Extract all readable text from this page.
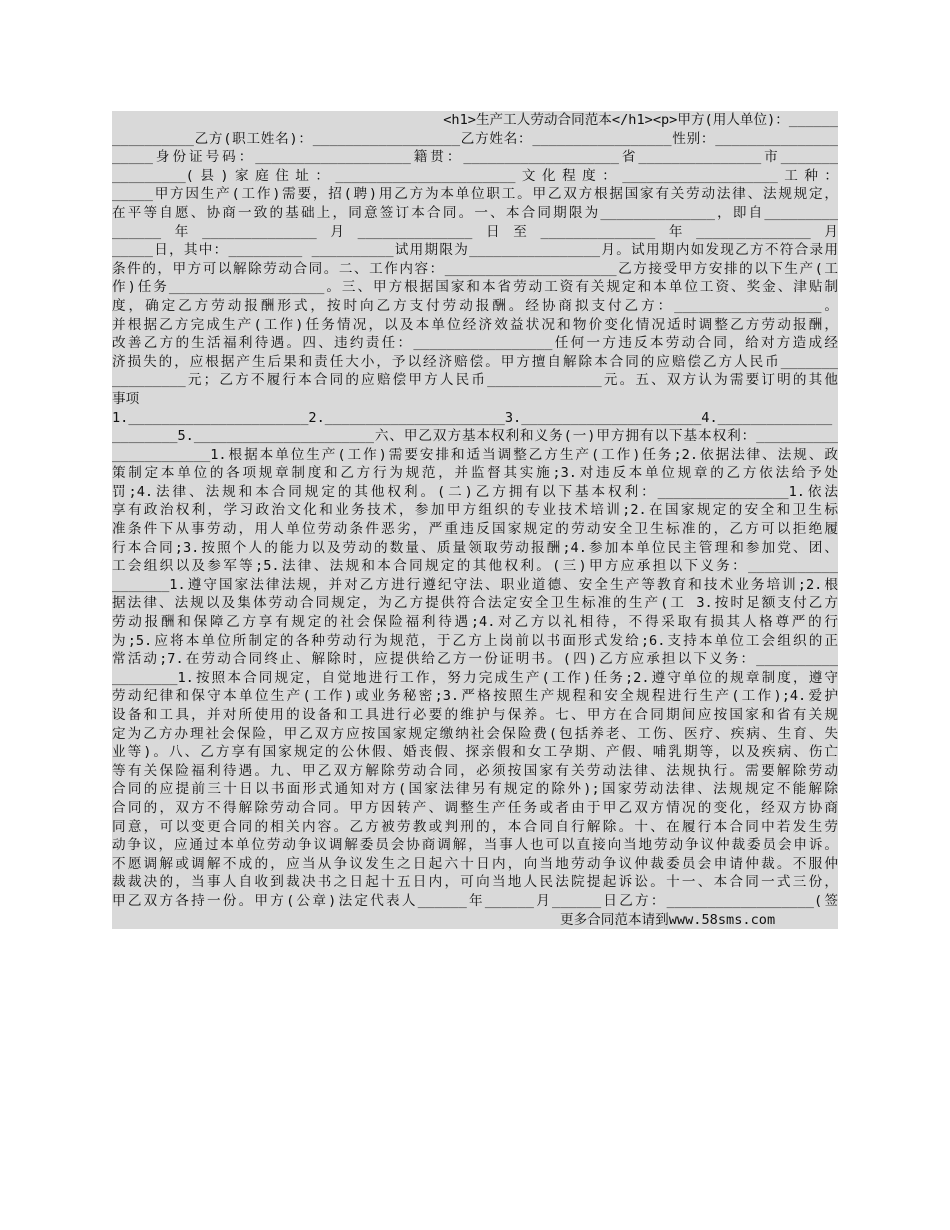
<h1>生产工人劳动合同范本</h1><p>甲方(用人单位)：______
__________乙方(职工姓名)：__________________乙方姓名：_________________性别：_______________
_____身份证号码：___________________籍贯：___________________省_______________市_______
_________(县)家庭住址：______________________文化程度：___________________工种：
_____甲方因生产(工作)需要，招(聘)用乙方为本单位职工。甲乙双方根据国家有关劳动法律、法规规定，
在平等自愿、协商一致的基础上，同意签订本合同。一、本合同期限为______________，即自_________
______年______________月______________日至______________年______________月
_____日，其中：_________ __________试用期限为________________月。试用期内如发现乙方不符合录用
条件的，甲方可以解除劳动合同。二、工作内容：_____________________乙方接受甲方安排的以下生产(工
作)任务___________________。三、甲方根据国家和本省劳动工资有关规定和本单位工资、奖金、津贴制
度，确定乙方劳动报酬形式，按时向乙方支付劳动报酬。经协商拟支付乙方：__________________。
并根据乙方完成生产(工作)任务情况，以及本单位经济效益状况和物价变化情况适时调整乙方劳动报酬，
改善乙方的生活福利待遇。四、违约责任：_________________任何一方违反本劳动合同，给对方造成经
济损失的，应根据产生后果和责任大小，予以经济赔偿。甲方擅自解除本合同的应赔偿乙方人民币_______
_________元；乙方不履行本合同的应赔偿甲方人民币______________元。五、双方认为需要订明的其他
事项
1.______________________2.______________________3.______________________4.______________
________5.______________________六、甲乙双方基本权利和义务(一)甲方拥有以下基本权利：__________
____________1.根据本单位生产(工作)需要安排和适当调整乙方生产(工作)任务;2.依据法律、法规、政
策制定本单位的各项规章制度和乙方行为规范，并监督其实施;3.对违反本单位规章的乙方依法给予处
罚;4.法律、法规和本合同规定的其他权利。(二)乙方拥有以下基本权利：________________1.依法
享有政治权利，学习政治文化和业务技术，参加甲方组织的专业技术培训;2.在国家规定的安全和卫生标
准条件下从事劳动，用人单位劳动条件恶劣，严重违反国家规定的劳动安全卫生标准的，乙方可以拒绝履
行本合同;3.按照个人的能力以及劳动的数量、质量领取劳动报酬;4.参加本单位民主管理和参加党、团、
工会组织以及参军等;5.法律、法规和本合同规定的其他权利。(三)甲方应承担以下义务：___________
_______1.遵守国家法律法规，并对乙方进行遵纪守法、职业道德、安全生产等教育和技术业务培训;2.根
据法律、法规以及集体劳动合同规定，为乙方提供符合法定安全卫生标准的生产(工 3.按时足额支付乙方
劳动报酬和保障乙方享有规定的社会保险福利待遇;4.对乙方以礼相待，不得采取有损其人格尊严的行
为;5.应将本单位所制定的各种劳动行为规范，于乙方上岗前以书面形式发给;6.支持本单位工会组织的正
常活动;7.在劳动合同终止、解除时，应提供给乙方一份证明书。(四)乙方应承担以下义务：__________
________1.按照本合同规定，自觉地进行工作，努力完成生产(工作)任务;2.遵守单位的规章制度，遵守
劳动纪律和保守本单位生产(工作)或业务秘密;3.严格按照生产规程和安全规程进行生产(工作);4.爱护
设备和工具，并对所使用的设备和工具进行必要的维护与保养。七、甲方在合同期间应按国家和省有关规
定为乙方办理社会保险，甲乙双方应按国家规定缴纳社会保险费(包括养老、工伤、医疗、疾病、生育、失
业等)。八、乙方享有国家规定的公休假、婚丧假、探亲假和女工孕期、产假、哺乳期等，以及疾病、伤亡
等有关保险福利待遇。九、甲乙双方解除劳动合同，必须按国家有关劳动法律、法规执行。需要解除劳动
合同的应提前三十日以书面形式通知对方(国家法律另有规定的除外);国家劳动法律、法规规定不能解除
合同的，双方不得解除劳动合同。甲方因转产、调整生产任务或者由于甲乙双方情况的变化，经双方协商
同意，可以变更合同的相关内容。乙方被劳教或判刑的，本合同自行解除。十、在履行本合同中若发生劳
动争议，应通过本单位劳动争议调解委员会协商调解，当事人也可以直接向当地劳动争议仲裁委员会申诉。
不愿调解或调解不成的，应当从争议发生之日起六十日内，向当地劳动争议仲裁委员会申请仲裁。不服仲
裁裁决的，当事人自收到裁决书之日起十五日内，可向当地人民法院提起诉讼。十一、本合同一式三份，
甲乙双方各持一份。甲方(公章)法定代表人______年______月______日乙方：__________________(签

更多合同范本请到www.58sms.com
